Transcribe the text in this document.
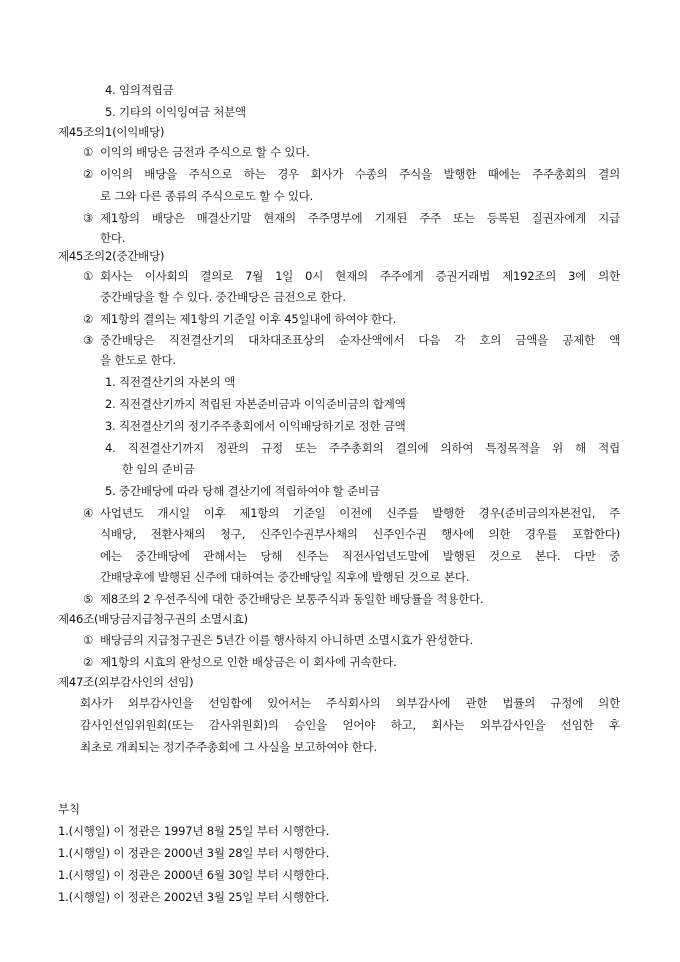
4. 임의적립금
5. 기타의 이익잉여금 처분액
제45조의1(이익배당)
① 이익의 배당은 금전과 주식으로 할 수 있다.
② 이익의 배당을 주식으로 하는 경우 회사가 수종의 주식을 발행한 때에는 주주총회의 결의
로 그와 다른 종류의 주식으로도 할 수 있다.
③ 제1항의 배당은 매결산기말 현재의 주주명부에 기재된 주주 또는 등록된 질권자에게 지급
한다.
제45조의2(중간배당)
① 회사는 이사회의 결의로 7월 1일 0시 현재의 주주에게 증권거래법 제192조의 3에 의한
중간배당을 할 수 있다. 중간배당은 금전으로 한다.
② 제1항의 결의는 제1항의 기준일 이후 45일내에 하여야 한다.
③ 중간배당은 직전결산기의 대차대조표상의 순자산액에서 다음 각 호의 금액을 공제한 액
을 한도로 한다.
1. 직전결산기의 자본의 액
2. 직전결산기까지 적립된 자본준비금과 이익준비금의 합계액
3. 직전결산기의 정기주주총회에서 이익배당하기로 정한 금액
4. 직전결산기까지 정관의 규정 또는 주주총회의 결의에 의하여 특정목적을 위 해 적립
한 임의 준비금
5. 중간배당에 따라 당해 결산기에 적립하여야 할 준비금
④ 사업년도 개시일 이후 제1항의 기준일 이전에 신주를 발행한 경우(준비금의자본전입, 주
식배당, 전환사채의 청구, 신주인수권부사채의 신주인수권 행사에 의한 경우를 포함한다)
에는 중간배당에 관해서는 당해 신주는 직전사업년도말에 발행된 것으로 본다. 다만 중
간배당후에 발행된 신주에 대하여는 중간배당일 직후에 발행된 것으로 본다.
⑤ 제8조의 2 우선주식에 대한 중간배당은 보통주식과 동일한 배당률을 적용한다.
제46조(배당금지급청구권의 소멸시효)
① 배당금의 지급청구권은 5년간 이를 행사하지 아니하면 소멸시효가 완성한다.
② 제1항의 시효의 완성으로 인한 배상금은 이 회사에 귀속한다.
제47조(외부감사인의 선임)
회사가 외부감사인을 선임함에 있어서는 주식회사의 외부감사에 관한 법률의 규정에 의한
감사인선임위원회(또는 감사위원회)의 승인을 얻어야 하고, 회사는 외부감사인을 선임한 후
최초로 개최되는 정기주주총회에 그 사실을 보고하여야 한다.
부칙
1.(시행일) 이 정관은 1997년 8월 25일 부터 시행한다.
1.(시행일) 이 정관은 2000년 3월 28일 부터 시행한다.
1.(시행일) 이 정관은 2000년 6월 30일 부터 시행한다.
1.(시행일) 이 정관은 2002년 3월 25일 부터 시행한다.
